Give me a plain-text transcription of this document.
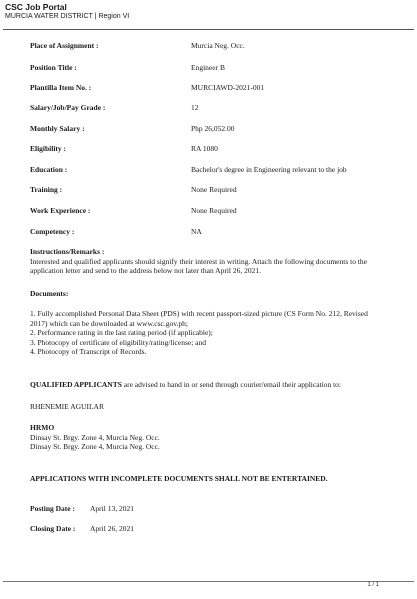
CSC Job Portal
MURCIA WATER DISTRICT | Region VI
Place of Assignment :	Murcia Neg. Occ.
Position Title :	Engineer B
Plantilla Item No. :	MURCIAWD-2021-001
Salary/Job/Pay Grade :	12
Monthly Salary :	Php 26,052.00
Eligibility :	RA 1080
Education :	Bachelor's degree in Engineering relevant to the job
Training :	None Required
Work Experience :	None Required
Competency :	NA
Instructions/Remarks :
Interested and qualified applicants should signify their interest in writing. Attach the following documents to the application letter and send to the address below not later than April 26, 2021.
Documents:
1. Fully accomplished Personal Data Sheet (PDS) with recent passport-sized picture (CS Form No. 212, Revised 2017) which can be downloaded at www.csc.gov.ph;
2. Performance rating in the last rating period (if applicable);
3. Photocopy of certificate of eligibility/rating/license; and
4. Photocopy of Transcript of Records.
QUALIFIED APPLICANTS are advised to hand in or send through courier/email their application to:
RHENEMIE AGUILAR
HRMO
Dinsay St. Brgy. Zone 4, Murcia Neg. Occ.
Dinsay St. Brgy. Zone 4, Murcia Neg. Occ.
APPLICATIONS WITH INCOMPLETE DOCUMENTS SHALL NOT BE ENTERTAINED.
Posting Date : April 13, 2021
Closing Date : April 26, 2021
1 / 1
